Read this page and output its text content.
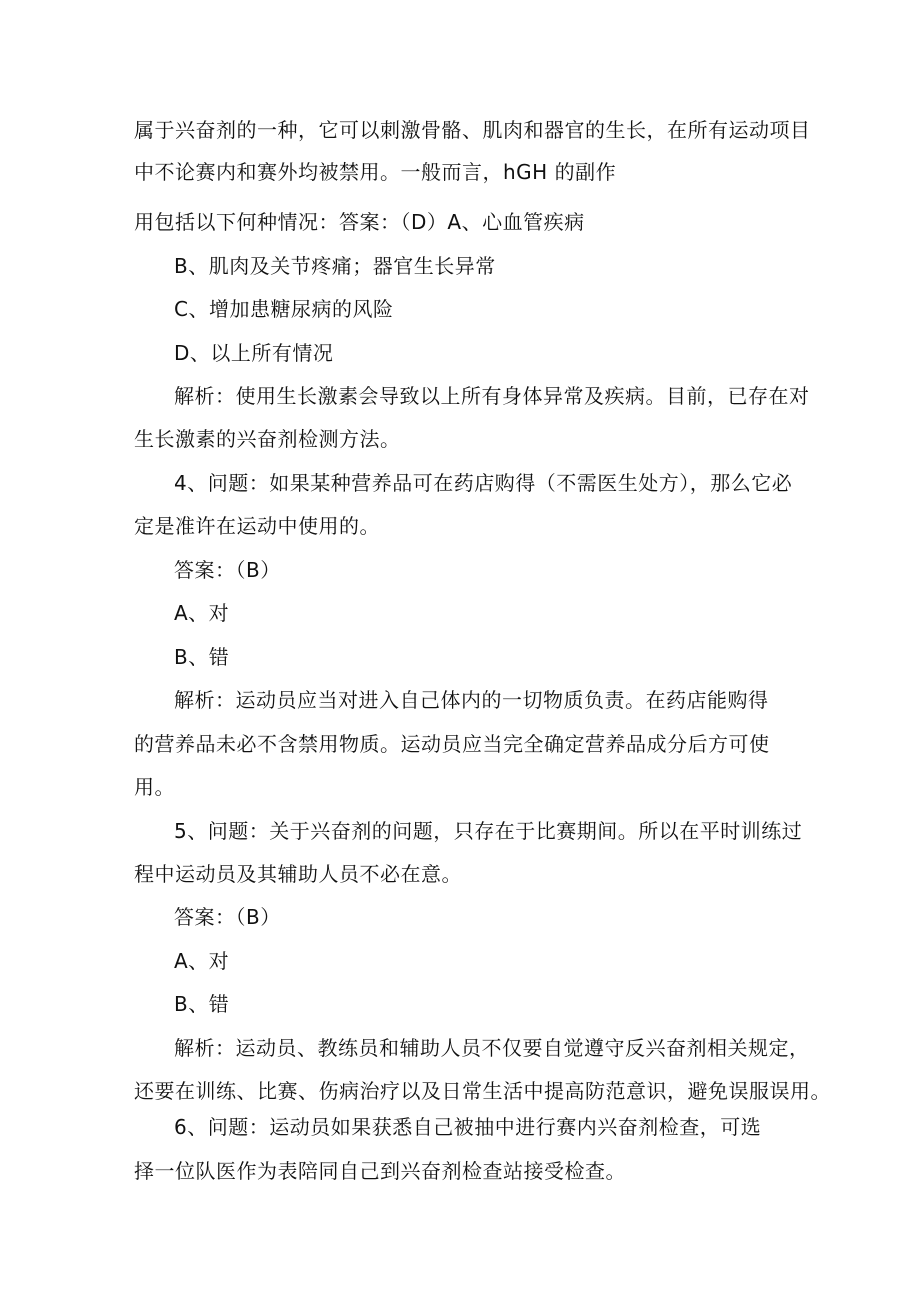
属于兴奋剂的一种，它可以刺激骨骼、肌肉和器官的生长，在所有运动项目
中不论赛内和赛外均被禁用。一般而言，hGH 的副作
用包括以下何种情况：答案：（D）A、心血管疾病
B、肌肉及关节疼痛；器官生长异常
C、增加患糖尿病的风险
D、以上所有情况
解析：使用生长激素会导致以上所有身体异常及疾病。目前，已存在对
生长激素的兴奋剂检测方法。
4、问题：如果某种营养品可在药店购得（不需医生处方），那么它必
定是准许在运动中使用的。
答案：（B）
A、对
B、错
解析：运动员应当对进入自己体内的一切物质负责。在药店能购得
的营养品未必不含禁用物质。运动员应当完全确定营养品成分后方可使
用。
5、问题：关于兴奋剂的问题，只存在于比赛期间。所以在平时训练过
程中运动员及其辅助人员不必在意。
答案：（B）
A、对
B、错
解析：运动员、教练员和辅助人员不仅要自觉遵守反兴奋剂相关规定，
还要在训练、比赛、伤病治疗以及日常生活中提高防范意识，避免误服误用。
6、问题：运动员如果获悉自己被抽中进行赛内兴奋剂检查，可选
择一位队医作为表陪同自己到兴奋剂检查站接受检查。
